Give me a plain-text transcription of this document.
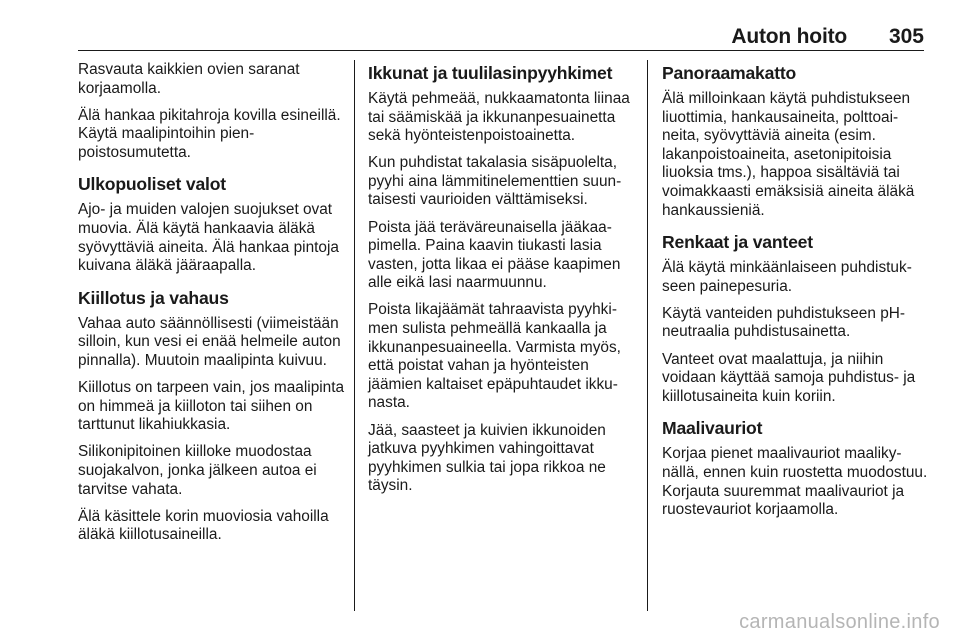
Auton hoito 305

Rasvauta kaikkien ovien saranat korjaamolla.

Älä hankaa pikitahroja kovilla esineillä. Käytä maalipintoihin pienpoistosumutetta.

Ulkopuoliset valot

Ajo- ja muiden valojen suojukset ovat muovia. Älä käytä hankaavia äläkä syövyttäviä aineita. Älä hankaa pintoja kuivana äläkä jääraapalla.

Kiillotus ja vahaus

Vahaa auto säännöllisesti (viimeistään silloin, kun vesi ei enää helmeile auton pinnalla). Muutoin maalipinta kuivuu.

Kiillotus on tarpeen vain, jos maalipinta on himmeä ja kiilloton tai siihen on tarttunut likahiukkasia.

Silikonipitoinen kiilloke muodostaa suojakalvon, jonka jälkeen autoa ei tarvitse vahata.

Älä käsittele korin muoviosia vahoilla äläkä kiillotusaineilla.

Ikkunat ja tuulilasinpyyhkimet

Käytä pehmeää, nukkaamatonta liinaa tai säämiskää ja ikkunanpesuainetta sekä hyönteistenpoistoainetta.

Kun puhdistat takalasia sisäpuolelta, pyyhi aina lämmitinelementtien suuntaisesti vaurioiden välttämiseksi.

Poista jää teräväreunaisella jääkaapimella. Paina kaavin tiukasti lasia vasten, jotta likaa ei pääse kaapimen alle eikä lasi naarmuunnu.

Poista likajäämät tahraavista pyyhkimen sulista pehmeällä kankaalla ja ikkunanpesuaineella. Varmista myös, että poistat vahan ja hyönteisten jäämien kaltaiset epäpuhtaudet ikkunasta.

Jää, saasteet ja kuivien ikkunoiden jatkuva pyyhkimen vahingoittavat pyyhkimen sulkia tai jopa rikkoa ne täysin.

Panoraamakatto

Älä milloinkaan käytä puhdistukseen liuottimia, hankausaineita, polttoaineita, syövyttäviä aineita (esim. lakanpoistoaineita, asetonipitoisia liuoksia tms.), happoa sisältäviä tai voimakkaasti emäksisiä aineita äläkä hankaussieniä.

Renkaat ja vanteet

Älä käytä minkäänlaiseen puhdistukseen painepesuria.

Käytä vanteiden puhdistukseen pH-neutraalia puhdistusainetta.

Vanteet ovat maalattuja, ja niihin voidaan käyttää samoja puhdistus- ja kiillotusaineita kuin koriin.

Maalivauriot

Korjaa pienet maalivauriot maalikynällä, ennen kuin ruostetta muodostuu. Korjauta suuremmat maalivauriot ja ruostevauriot korjaamolla.

carmanualsonline.info
